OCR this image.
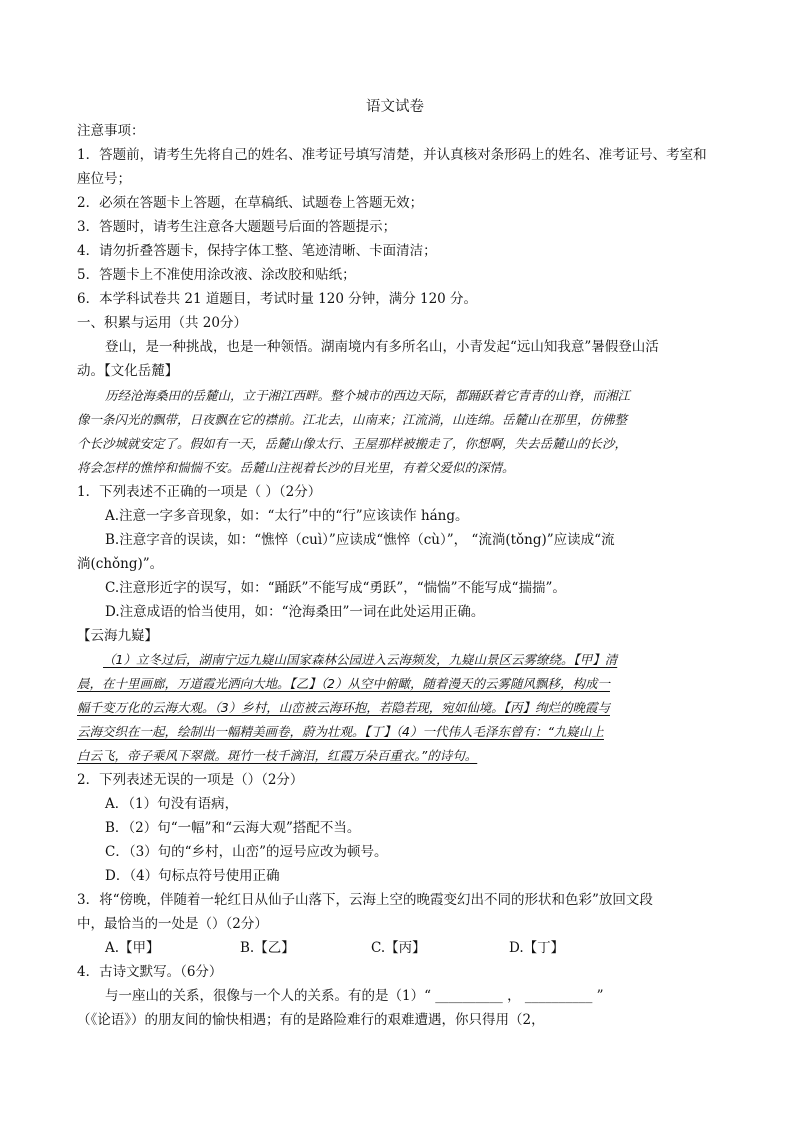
语文试卷
注意事项：
1．答题前，请考生先将自己的姓名、准考证号填写清楚，并认真核对条形码上的姓名、准考证号、考室和
座位号；
2．必须在答题卡上答题，在草稿纸、试题卷上答题无效；
3．答题时，请考生注意各大题题号后面的答题提示；
4．请勿折叠答题卡，保持字体工整、笔迹清晰、卡面清洁；
5．答题卡上不准使用涂改液、涂改胶和贴纸；
6．本学科试卷共 21 道题目，考试时量 120 分钟，满分 120 分。
一、积累与运用（共 20分）
登山，是一种挑战，也是一种领悟。湖南境内有多所名山，小青发起“远山知我意”暑假登山活
动。【文化岳麓】
历经沧海桑田的岳麓山，立于湘江西畔。整个城市的西边天际，都踊跃着它青青的山脊，而湘江
像一条闪光的飘带，日夜飘在它的襟前。江北去，山南来；江流淌，山连绵。岳麓山在那里，仿佛整
个长沙城就安定了。假如有一天，岳麓山像太行、王屋那样被搬走了，你想啊，失去岳麓山的长沙，
将会怎样的憔悴和惴惴不安。岳麓山注视着长沙的目光里，有着父爱似的深情。
1．下列表述不正确的一项是（ ）（2分）
A.注意一字多音现象，如：“太行”中的“行”应该读作 háng。
B.注意字音的误读，如：“憔悴（cuì）”应读成“憔悴（cù）”， “流淌(tǒng)”应读成“流
淌(chǒng)”。
C.注意形近字的误写，如：“踊跃”不能写成“勇跃”，“惴惴”不能写成“揣揣”。
D.注意成语的恰当使用，如：“沧海桑田”一词在此处运用正确。
【云海九嶷】
（1）立冬过后，湖南宁远九嶷山国家森林公园进入云海频发，九嶷山景区云雾缭绕。【甲】清
晨，在十里画廊，万道霞光洒向大地。【乙】（2）从空中俯瞰，随着漫天的云雾随风飘移，构成一
幅千变万化的云海大观。（3）乡村，山峦被云海环抱，若隐若现，宛如仙境。【丙】绚烂的晚霞与
云海交织在一起，绘制出一幅精美画卷，蔚为壮观。【丁】（4）一代伟人毛泽东曾有：“九嶷山上
白云飞，帝子乘风下翠微。斑竹一枝千滴泪，红霞万朵百重衣。”的诗句。
2．下列表述无误的一项是（）（2分）
A．（1）句没有语病，
B．（2）句“一幅”和“云海大观”搭配不当。
C．（3）句的“乡村，山峦”的逗号应改为顿号。
D．（4）句标点符号使用正确
3．将“傍晚，伴随着一轮红日从仙子山落下，云海上空的晚霞变幻出不同的形状和色彩”放回文段
中，最恰当的一处是（）（2分）
A.【甲】	B.【乙】	C.【丙】	D.【丁】
4．古诗文默写。（6分）
与一座山的关系，很像与一个人的关系。有的是（1）“ __________ ， __________ ”
（《论语》）的朋友间的愉快相遇；有的是路险难行的艰难遭遇，你只得用（2，
